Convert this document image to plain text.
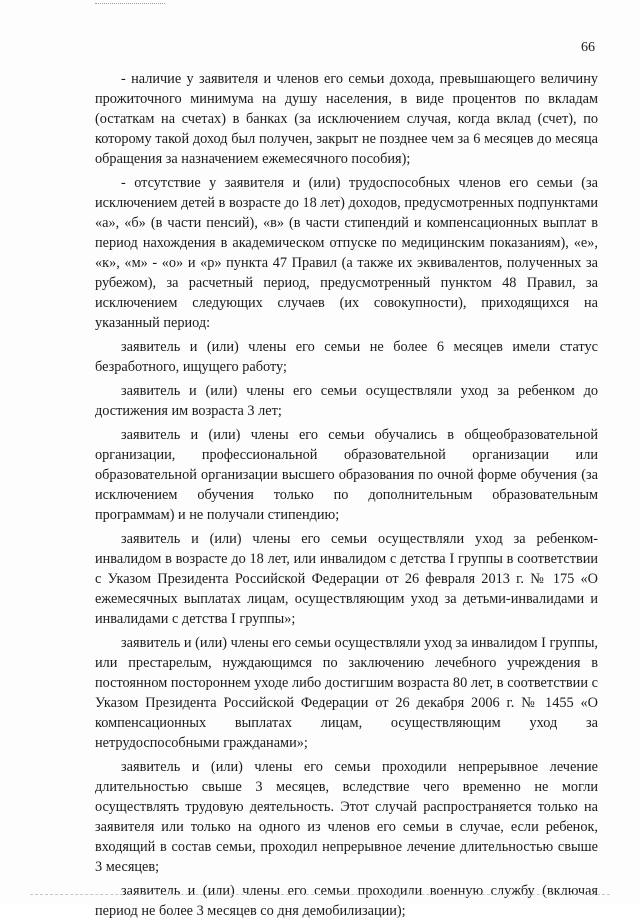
66

- наличие у заявителя и членов его семьи дохода, превышающего величину прожиточного минимума на душу населения, в виде процентов по вкладам (остаткам на счетах) в банках (за исключением случая, когда вклад (счет), по которому такой доход был получен, закрыт не позднее чем за 6 месяцев до месяца обращения за назначением ежемесячного пособия);

- отсутствие у заявителя и (или) трудоспособных членов его семьи (за исключением детей в возрасте до 18 лет) доходов, предусмотренных подпунктами «а», «б» (в части пенсий), «в» (в части стипендий и компенсационных выплат в период нахождения в академическом отпуске по медицинским показаниям), «е», «к», «м» - «о» и «р» пункта 47 Правил (а также их эквивалентов, полученных за рубежом), за расчетный период, предусмотренный пунктом 48 Правил, за исключением следующих случаев (их совокупности), приходящихся на указанный период:

заявитель и (или) члены его семьи не более 6 месяцев имели статус безработного, ищущего работу;

заявитель и (или) члены его семьи осуществляли уход за ребенком до достижения им возраста 3 лет;

заявитель и (или) члены его семьи обучались в общеобразовательной организации, профессиональной образовательной организации или образовательной организации высшего образования по очной форме обучения (за исключением обучения только по дополнительным образовательным программам) и не получали стипендию;

заявитель и (или) члены его семьи осуществляли уход за ребенком-инвалидом в возрасте до 18 лет, или инвалидом с детства I группы в соответствии с Указом Президента Российской Федерации от 26 февраля 2013 г. № 175 «О ежемесячных выплатах лицам, осуществляющим уход за детьми-инвалидами и инвалидами с детства I группы»;

заявитель и (или) члены его семьи осуществляли уход за инвалидом I группы, или престарелым, нуждающимся по заключению лечебного учреждения в постоянном постороннем уходе либо достигшим возраста 80 лет, в соответствии с Указом Президента Российской Федерации от 26 декабря 2006 г. № 1455 «О компенсационных выплатах лицам, осуществляющим уход за нетрудоспособными гражданами»;

заявитель и (или) члены его семьи проходили непрерывное лечение длительностью свыше 3 месяцев, вследствие чего временно не могли осуществлять трудовую деятельность. Этот случай распространяется только на заявителя или только на одного из членов его семьи в случае, если ребенок, входящий в состав семьи, проходил непрерывное лечение длительностью свыше 3 месяцев;

заявитель и (или) члены его семьи проходили военную службу (включая период не более 3 месяцев со дня демобилизации);
